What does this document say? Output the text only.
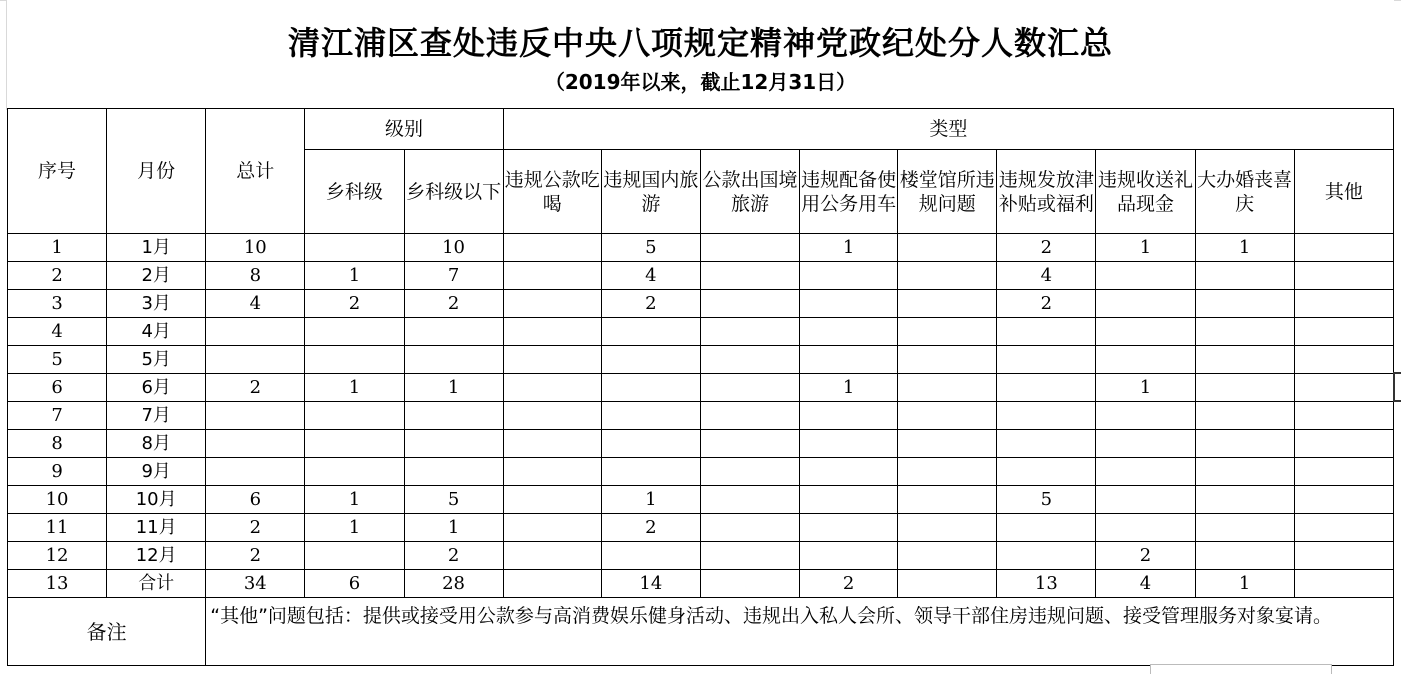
清江浦区查处违反中央八项规定精神党政纪处分人数汇总
（2019年以来，截止12月31日）
序号	月份	总计	级别		类型								
			乡科级	乡科级以下	违规公款吃喝	违规国内旅游	公款出国境旅游	违规配备使用公务用车	楼堂馆所违规问题	违规发放津补贴或福利	违规收送礼品现金	大办婚丧喜庆	其他
1	1月	10		10		5		1		2	1	1	
2	2月	8	1	7		4				4			
3	3月	4	2	2		2				2			
4	4月												
5	5月												
6	6月	2	1	1				1			1		
7	7月												
8	8月												
9	9月												
10	10月	6	1	5		1				5			
11	11月	2	1	1		2							
12	12月	2		2							2		
13	合计	34	6	28		14		2		13	4	1	
备注		“其他”问题包括：提供或接受用公款参与高消费娱乐健身活动、违规出入私人会所、领导干部住房违规问题、接受管理服务对象宴请。											
